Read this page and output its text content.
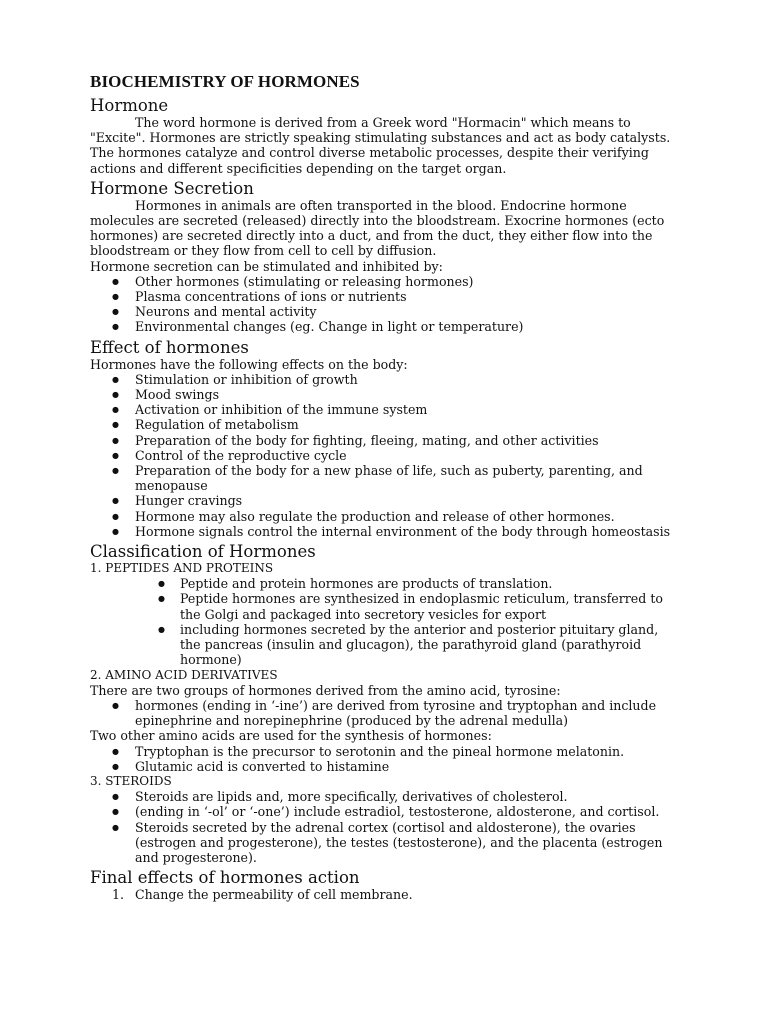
BIOCHEMISTRY OF HORMONES
Hormone

The word hormone is derived from a Greek word "Hormacin" which means to "Excite". Hormones are strictly speaking stimulating substances and act as body catalysts. The hormones catalyze and control diverse metabolic processes, despite their verifying actions and different specificities depending on the target organ.

Hormone Secretion

Hormones in animals are often transported in the blood. Endocrine hormone molecules are secreted (released) directly into the bloodstream. Exocrine hormones (ecto hormones) are secreted directly into a duct, and from the duct, they either flow into the bloodstream or they flow from cell to cell by diffusion.

Hormone secretion can be stimulated and inhibited by:

● Other hormones (stimulating or releasing hormones)
● Plasma concentrations of ions or nutrients
● Neurons and mental activity
● Environmental changes (eg. Change in light or temperature)
Effect of hormones

Hormones have the following effects on the body:

● Stimulation or inhibition of growth
● Mood swings
● Activation or inhibition of the immune system
● Regulation of metabolism
● Preparation of the body for fighting, fleeing, mating, and other activities
● Control of the reproductive cycle
● Preparation of the body for a new phase of life, such as puberty, parenting, and menopause
● Hunger cravings
● Hormone may also regulate the production and release of other hormones.
● Hormone signals control the internal environment of the body through homeostasis
Classification of Hormones

1. PEPTIDES AND PROTEINS

● Peptide and protein hormones are products of translation.
● Peptide hormones are synthesized in endoplasmic reticulum, transferred to the Golgi and packaged into secretory vesicles for export
● including hormones secreted by the anterior and posterior pituitary gland, the pancreas (insulin and glucagon), the parathyroid gland (parathyroid hormone)

2. AMINO ACID DERIVATIVES

There are two groups of hormones derived from the amino acid, tyrosine:

● hormones (ending in ‘-ine’) are derived from tyrosine and tryptophan and include epinephrine and norepinephrine (produced by the adrenal medulla)

Two other amino acids are used for the synthesis of hormones:

● Tryptophan is the precursor to serotonin and the pineal hormone melatonin.
● Glutamic acid is converted to histamine

3. STEROIDS

● Steroids are lipids and, more specifically, derivatives of cholesterol.
● (ending in ‘-ol’ or ‘-one’) include estradiol, testosterone, aldosterone, and cortisol.
● Steroids secreted by the adrenal cortex (cortisol and aldosterone), the ovaries (estrogen and progesterone), the testes (testosterone), and the placenta (estrogen and progesterone).
Final effects of hormones action
1. Change the permeability of cell membrane.
